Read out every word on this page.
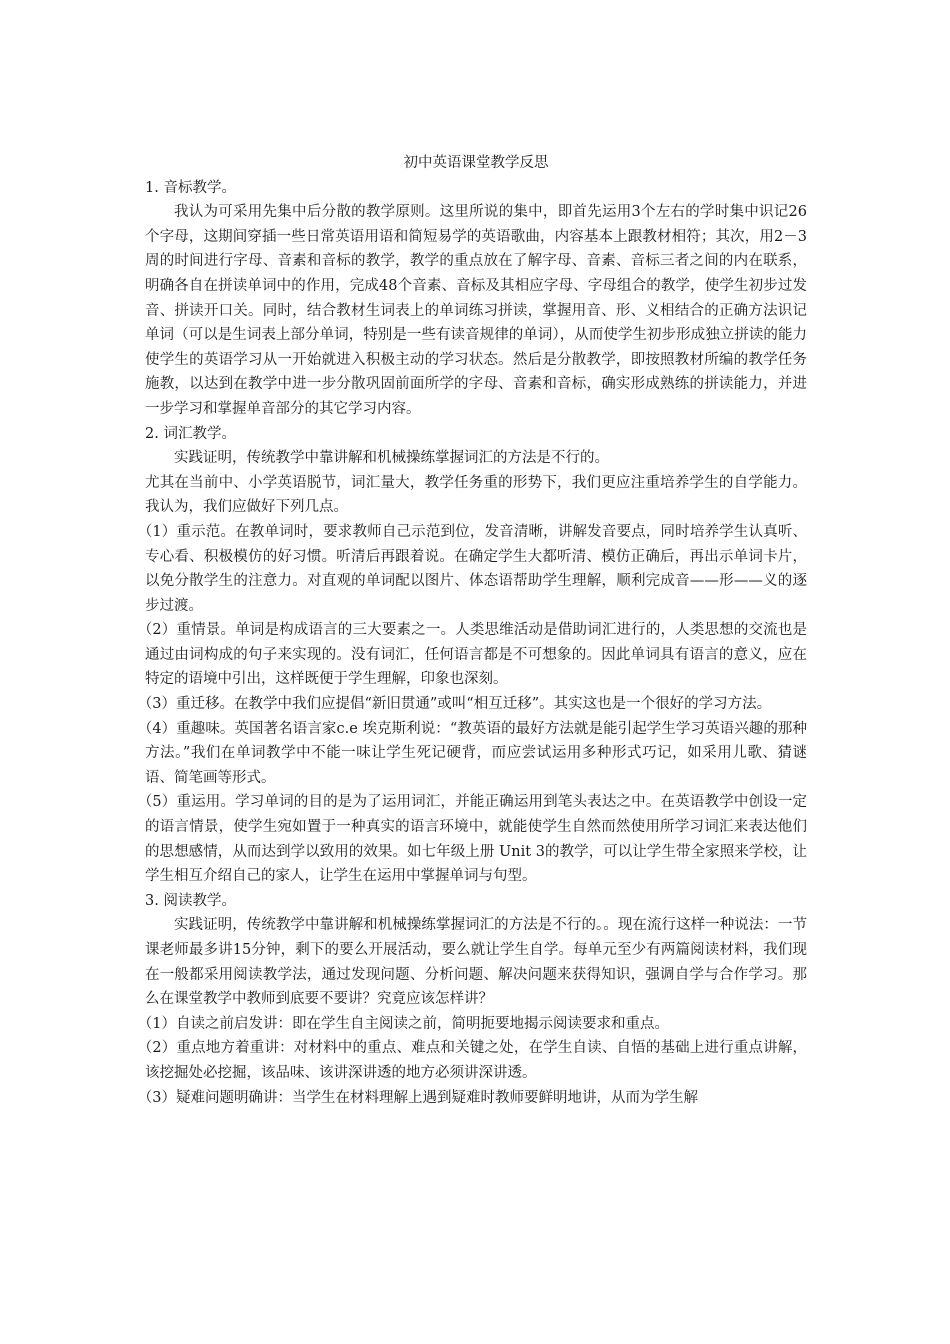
初中英语课堂教学反思

1. 音标教学。

我认为可采用先集中后分散的教学原则。这里所说的集中，即首先运用3个左右的学时集中识记26个字母，这期间穿插一些日常英语用语和简短易学的英语歌曲，内容基本上跟教材相符；其次，用2－3周的时间进行字母、音素和音标的教学，教学的重点放在了解字母、音素、音标三者之间的内在联系，明确各自在拼读单词中的作用，完成48个音素、音标及其相应字母、字母组合的教学，使学生初步过发音、拼读开口关。同时，结合教材生词表上的单词练习拼读，掌握用音、形、义相结合的正确方法识记单词（可以是生词表上部分单词，特别是一些有读音规律的单词），从而使学生初步形成独立拼读的能力使学生的英语学习从一开始就进入积极主动的学习状态。然后是分散教学，即按照教材所编的教学任务施教，以达到在教学中进一步分散巩固前面所学的字母、音素和音标，确实形成熟练的拼读能力，并进一步学习和掌握单音部分的其它学习内容。

2. 词汇教学。

实践证明，传统教学中靠讲解和机械操练掌握词汇的方法是不行的。

尤其在当前中、小学英语脱节，词汇量大，教学任务重的形势下，我们更应注重培养学生的自学能力。我认为，我们应做好下列几点。

（1）重示范。在教单词时，要求教师自己示范到位，发音清晰，讲解发音要点，同时培养学生认真听、专心看、积极模仿的好习惯。听清后再跟着说。在确定学生大都听清、模仿正确后，再出示单词卡片，以免分散学生的注意力。对直观的单词配以图片、体态语帮助学生理解，顺利完成音——形——义的逐步过渡。

（2）重情景。单词是构成语言的三大要素之一。人类思维活动是借助词汇进行的，人类思想的交流也是通过由词构成的句子来实现的。没有词汇，任何语言都是不可想象的。因此单词具有语言的意义，应在特定的语境中引出，这样既便于学生理解，印象也深刻。

（3）重迁移。在教学中我们应提倡“新旧贯通”或叫“相互迁移”。其实这也是一个很好的学习方法。

（4）重趣味。英国著名语言家c.e 埃克斯利说：“教英语的最好方法就是能引起学生学习英语兴趣的那种方法。”我们在单词教学中不能一味让学生死记硬背，而应尝试运用多种形式巧记，如采用儿歌、猜谜语、简笔画等形式。

（5）重运用。学习单词的目的是为了运用词汇，并能正确运用到笔头表达之中。在英语教学中创设一定的语言情景，使学生宛如置于一种真实的语言环境中，就能使学生自然而然使用所学习词汇来表达他们的思想感情，从而达到学以致用的效果。如七年级上册 Unit 3的教学，可以让学生带全家照来学校，让学生相互介绍自己的家人，让学生在运用中掌握单词与句型。

3. 阅读教学。

实践证明，传统教学中靠讲解和机械操练掌握词汇的方法是不行的。。现在流行这样一种说法：一节课老师最多讲15分钟，剩下的要么开展活动，要么就让学生自学。每单元至少有两篇阅读材料，我们现在一般都采用阅读教学法，通过发现问题、分析问题、解决问题来获得知识，强调自学与合作学习。那么在课堂教学中教师到底要不要讲？究竟应该怎样讲？

（1）自读之前启发讲：即在学生自主阅读之前，简明扼要地揭示阅读要求和重点。

（2）重点地方着重讲：对材料中的重点、难点和关键之处，在学生自读、自悟的基础上进行重点讲解，该挖掘处必挖掘，该品味、该讲深讲透的地方必须讲深讲透。

（3）疑难问题明确讲：当学生在材料理解上遇到疑难时教师要鲜明地讲，从而为学生解
